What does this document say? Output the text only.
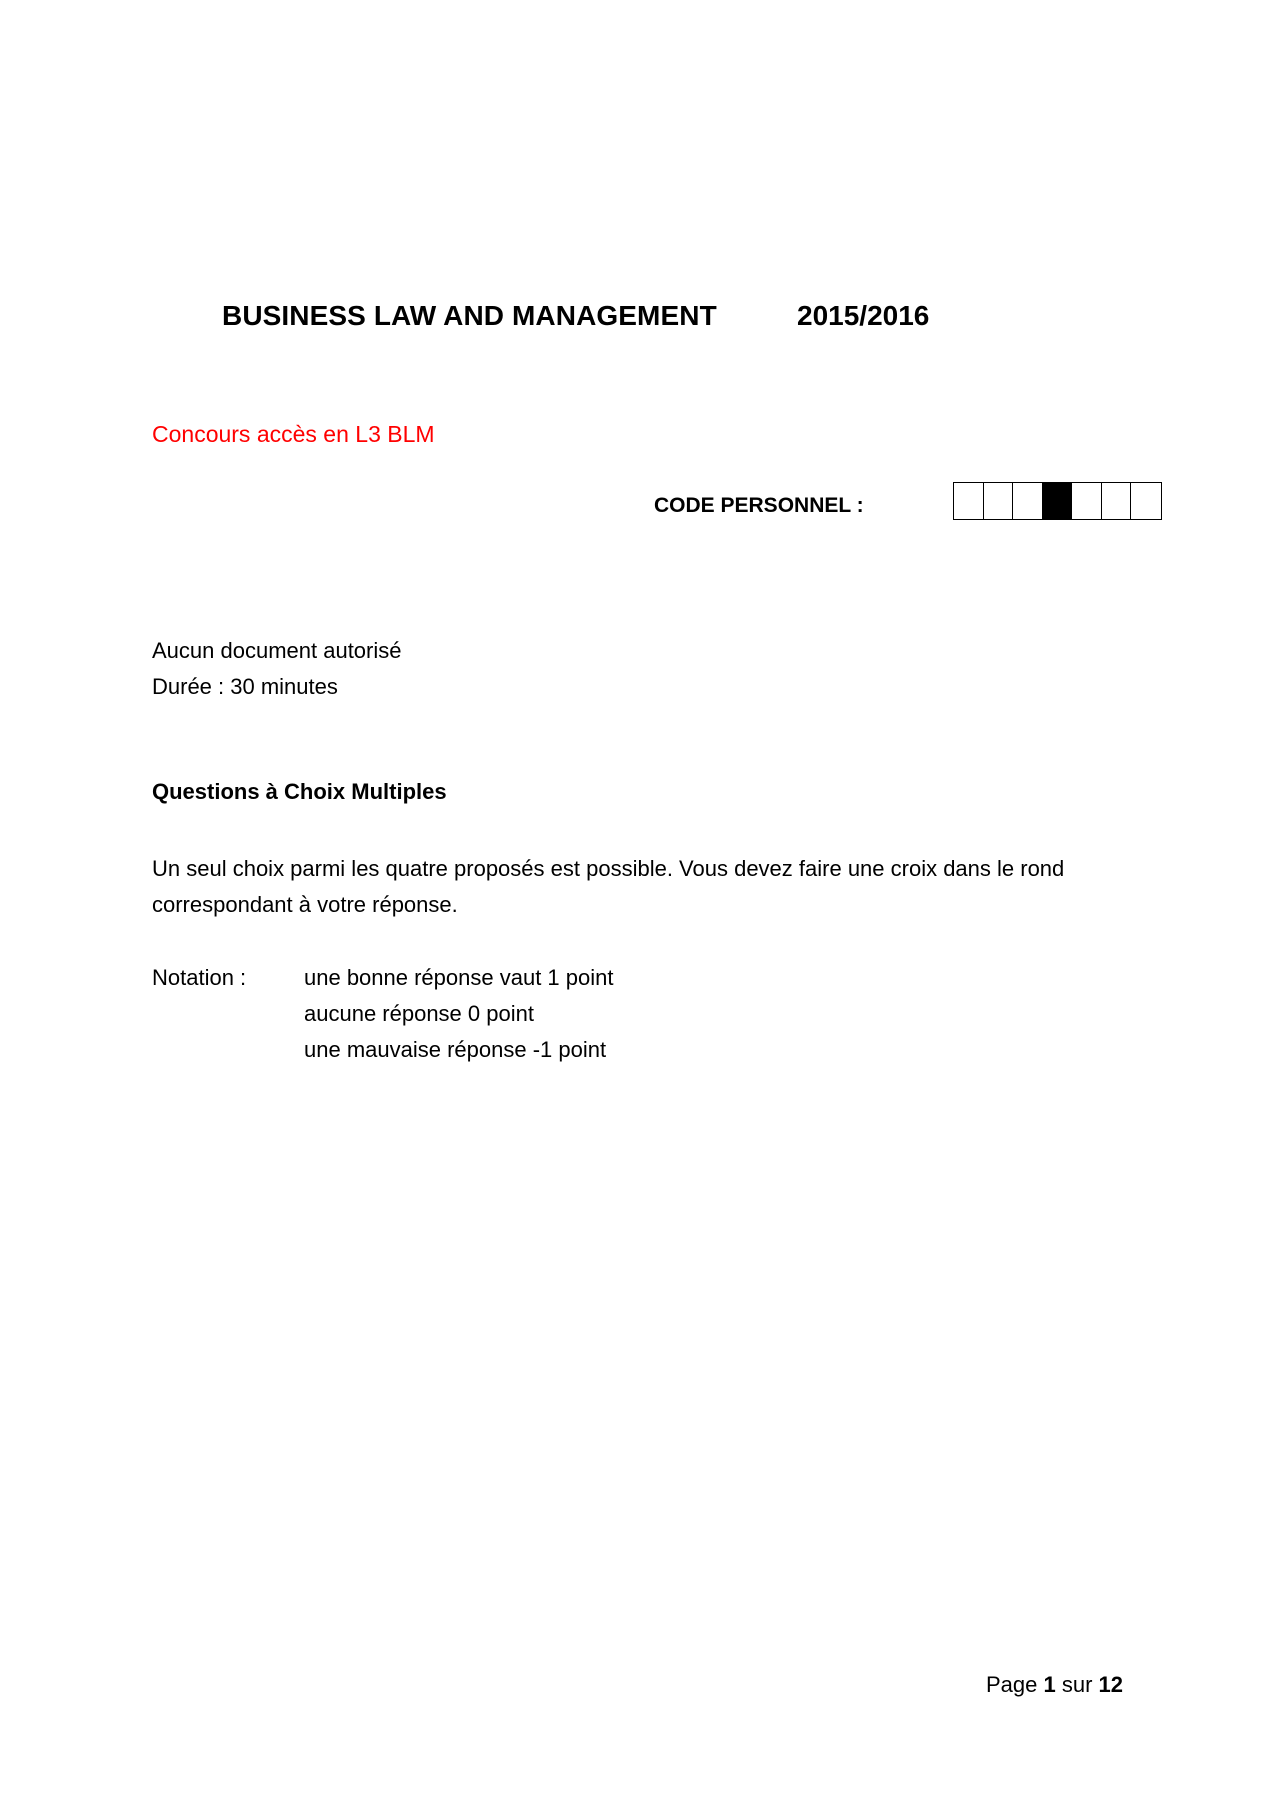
BUSINESS LAW AND MANAGEMENT	2015/2016
Concours accès en L3 BLM
CODE PERSONNEL :
Aucun document autorisé
Durée : 30 minutes
Questions à Choix Multiples
Un seul choix parmi les quatre proposés est possible. Vous devez faire une croix dans le rond
correspondant à votre réponse.
Notation :	une bonne réponse vaut 1 point
aucune réponse 0 point
une mauvaise réponse -1 point
Page 1 sur 12
